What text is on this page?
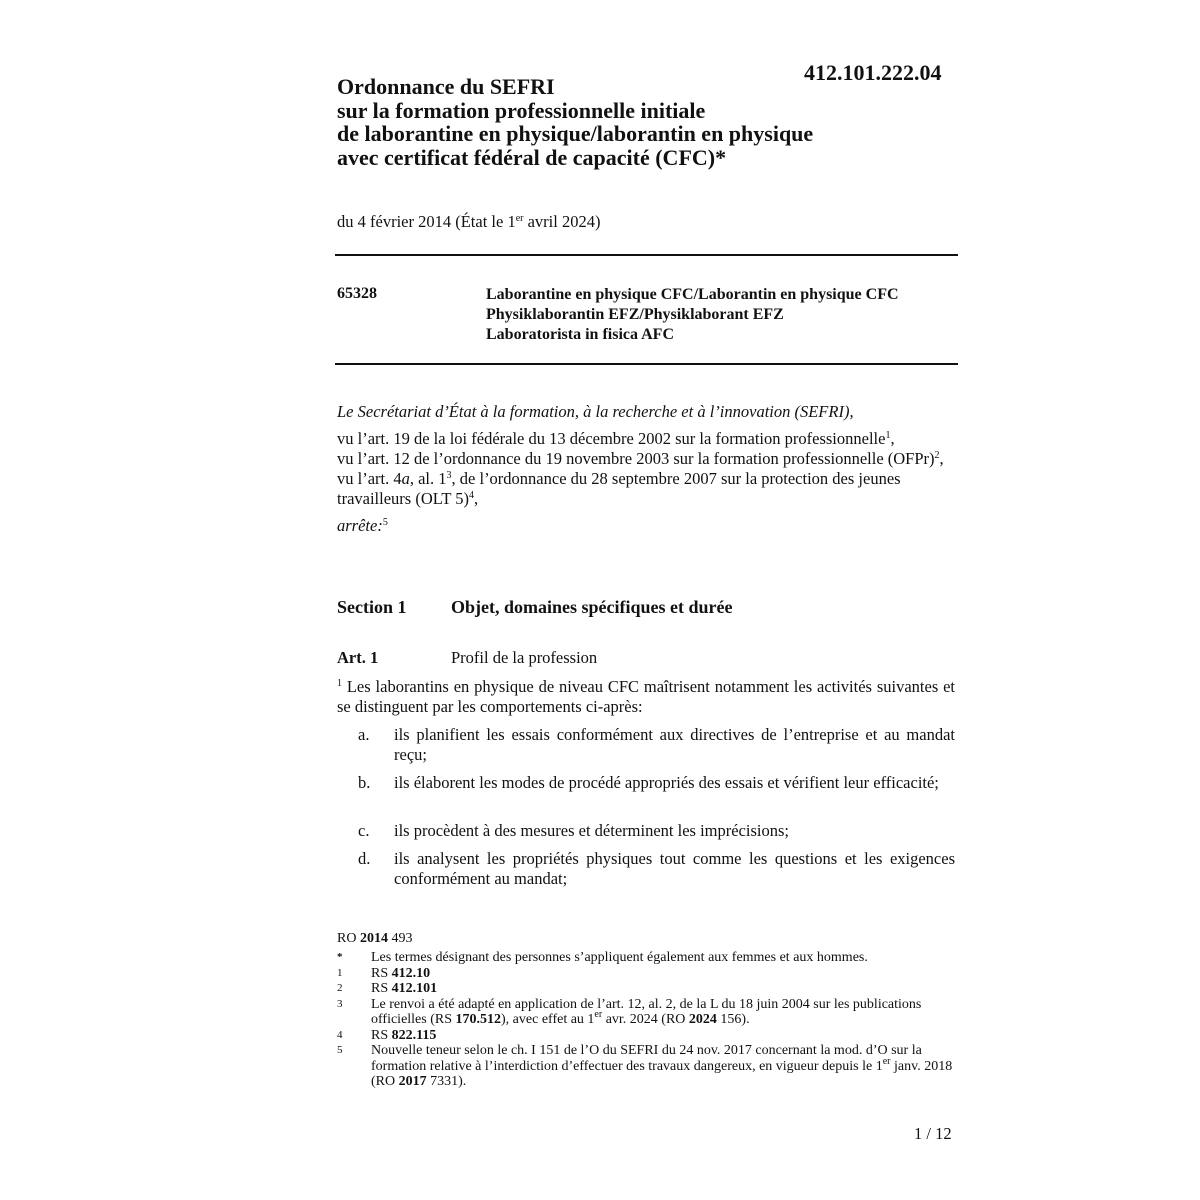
412.101.222.04
Ordonnance du SEFRI
sur la formation professionnelle initiale
de laborantine en physique/laborantin en physique
avec certificat fédéral de capacité (CFC)*
du 4 février 2014 (État le 1er avril 2024)
65328	Laborantine en physique CFC/Laborantin en physique CFC
Physiklaborantin EFZ/Physiklaborant EFZ
Laboratorista in fisica AFC
Le Secrétariat d’État à la formation, à la recherche et à l’innovation (SEFRI),
vu l’art. 19 de la loi fédérale du 13 décembre 2002 sur la formation professionnelle$^1$,
vu l’art. 12 de l’ordonnance du 19 novembre 2003 sur la formation professionnelle (OFPr)$^2$,
vu l’art. 4a, al. $1^3$, de l’ordonnance du 28 septembre 2007 sur la protection des jeunes travailleurs (OLT 5)$^4$,
arrête:$^5$
Section 1 Objet, domaines spécifiques et durée
Art. 1	Profil de la profession
$^1$ Les laborantins en physique de niveau CFC maîtrisent notamment les activités suivantes et se distinguent par les comportements ci-après:
a. ils planifient les essais conformément aux directives de l’entreprise et au mandat reçu;
b. ils élaborent les modes de procédé appropriés des essais et vérifient leur efficacité;
c. ils procèdent à des mesures et déterminent les imprécisions;
d. ils analysent les propriétés physiques tout comme les questions et les exigences conformément au mandat;
RO 2014 493
* Les termes désignant des personnes s’appliquent également aux femmes et aux hommes.
1 RS 412.10
2 RS 412.101
3 Le renvoi a été adapté en application de l’art. 12, al. 2, de la L du 18 juin 2004 sur les publications officielles (RS 170.512), avec effet au 1er avr. 2024 (RO 2024 156).
4 RS 822.115
5 Nouvelle teneur selon le ch. I 151 de l’O du SEFRI du 24 nov. 2017 concernant la mod. d’O sur la formation relative à l’interdiction d’effectuer des travaux dangereux, en vigueur depuis le 1er janv. 2018 (RO 2017 7331).
1 / 12
